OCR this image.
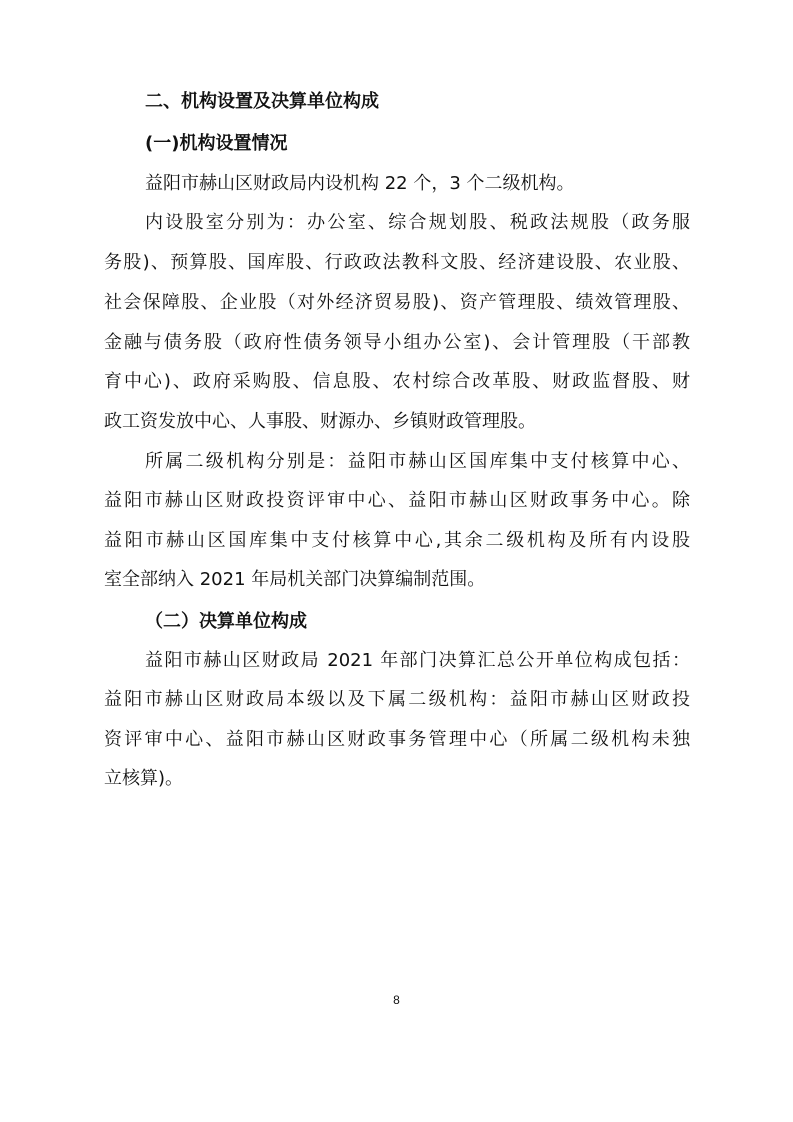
二、机构设置及决算单位构成
(一)机构设置情况
益阳市赫山区财政局内设机构 22 个，3 个二级机构。
内设股室分别为：办公室、综合规划股、税政法规股（政务服
务股)、预算股、国库股、行政政法教科文股、经济建设股、农业股、
社会保障股、企业股（对外经济贸易股)、资产管理股、绩效管理股、
金融与债务股（政府性债务领导小组办公室)、会计管理股（干部教
育中心)、政府采购股、信息股、农村综合改革股、财政监督股、财
政工资发放中心、人事股、财源办、乡镇财政管理股。
所属二级机构分别是：益阳市赫山区国库集中支付核算中心、
益阳市赫山区财政投资评审中心、益阳市赫山区财政事务中心。除
益阳市赫山区国库集中支付核算中心,其余二级机构及所有内设股
室全部纳入 2021 年局机关部门决算编制范围。
（二）决算单位构成
益阳市赫山区财政局 2021 年部门决算汇总公开单位构成包括：
益阳市赫山区财政局本级以及下属二级机构：益阳市赫山区财政投
资评审中心、益阳市赫山区财政事务管理中心（所属二级机构未独
立核算)。
8
